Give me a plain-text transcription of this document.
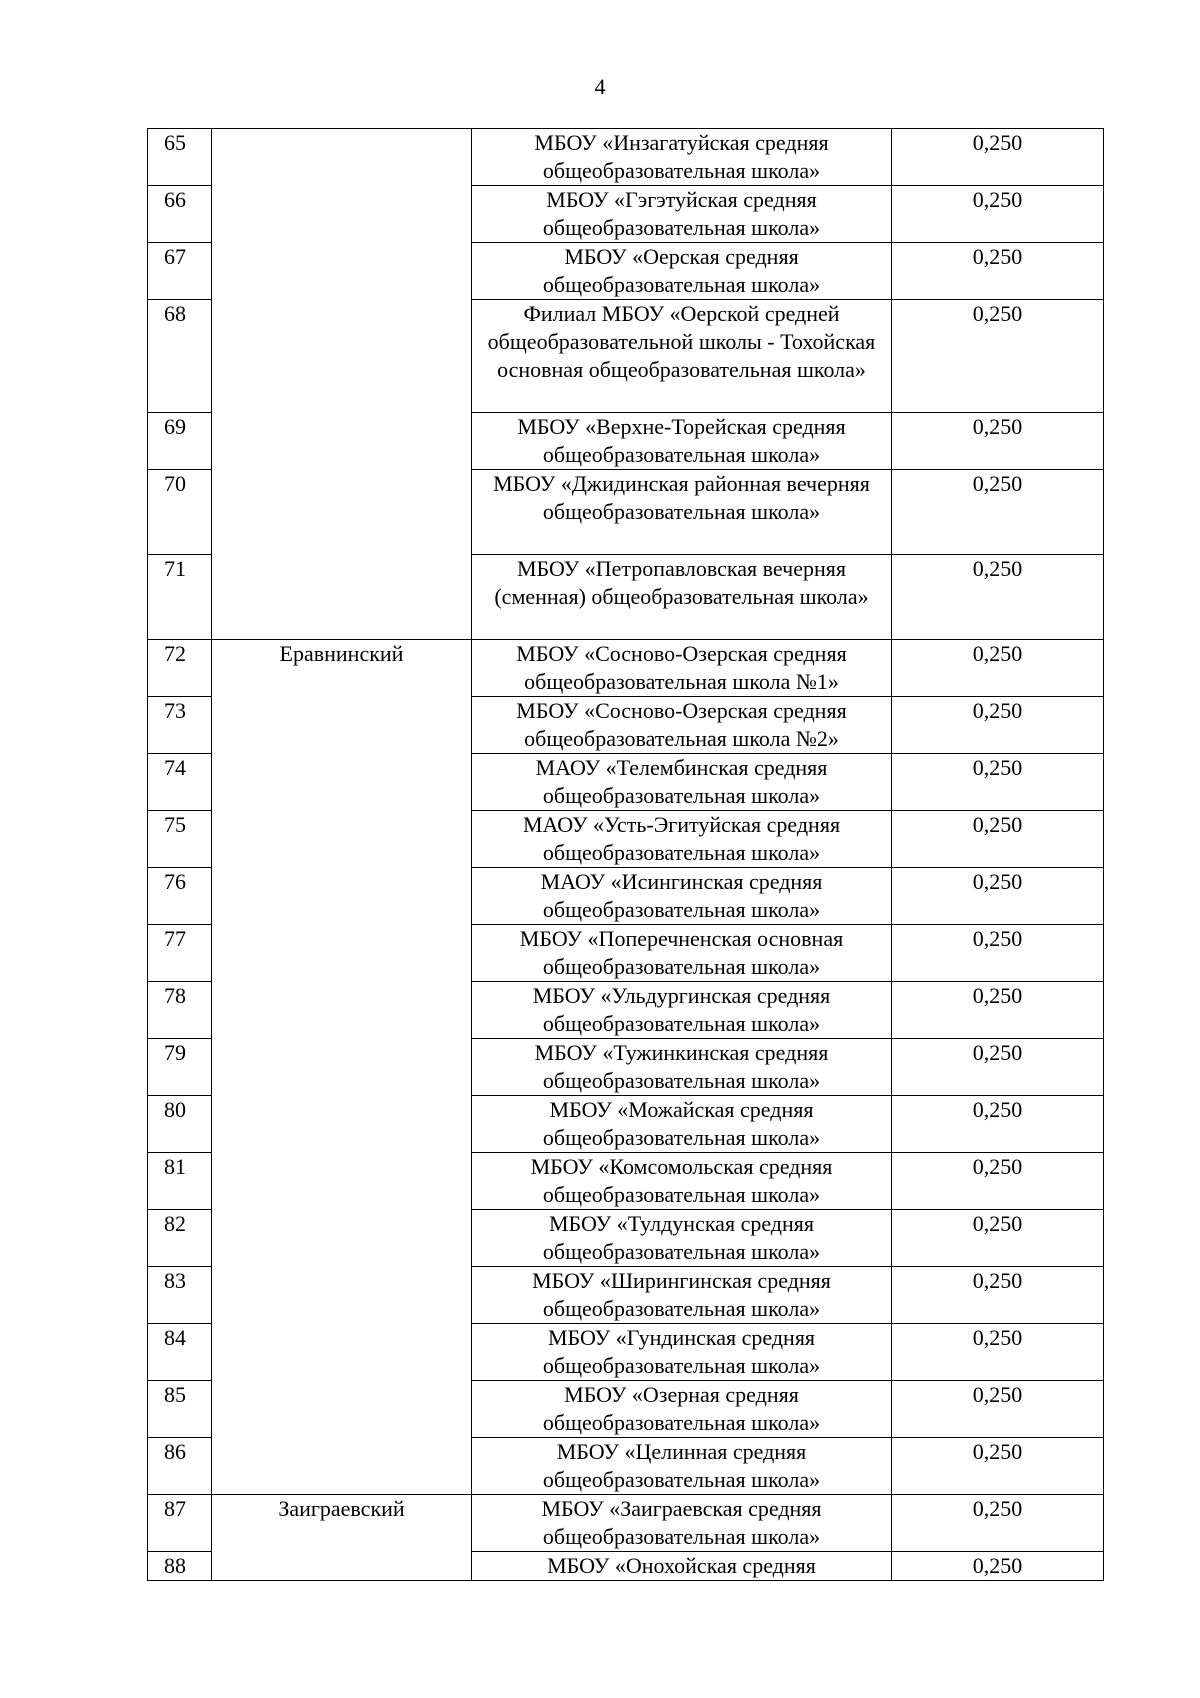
4
65		МБОУ «Инзагатуйская средняя общеобразовательная школа»	0,250
66		МБОУ «Гэгэтуйская средняя общеобразовательная школа»	0,250
67		МБОУ «Оерская средняя общеобразовательная школа»	0,250
68		Филиал МБОУ «Оерской средней общеобразовательной школы - Тохойская основная общеобразовательная школа»	0,250
69		МБОУ «Верхне-Торейская средняя общеобразовательная школа»	0,250
70		МБОУ «Джидинская районная вечерняя общеобразовательная школа»	0,250
71		МБОУ «Петропавловская вечерняя (сменная) общеобразовательная школа»	0,250
72	Еравнинский	МБОУ «Сосново-Озерская средняя общеобразовательная школа №1»	0,250
73		МБОУ «Сосново-Озерская средняя общеобразовательная школа №2»	0,250
74		МАОУ «Телембинская средняя общеобразовательная школа»	0,250
75		МАОУ «Усть-Эгитуйская средняя общеобразовательная школа»	0,250
76		МАОУ «Исингинская средняя общеобразовательная школа»	0,250
77		МБОУ «Поперечненская основная общеобразовательная школа»	0,250
78		МБОУ «Ульдургинская средняя общеобразовательная школа»	0,250
79		МБОУ «Тужинкинская средняя общеобразовательная школа»	0,250
80		МБОУ «Можайская средняя общеобразовательная школа»	0,250
81		МБОУ «Комсомольская средняя общеобразовательная школа»	0,250
82		МБОУ «Тулдунская средняя общеобразовательная школа»	0,250
83		МБОУ «Ширингинская средняя общеобразовательная школа»	0,250
84		МБОУ «Гундинская средняя общеобразовательная школа»	0,250
85		МБОУ «Озерная средняя общеобразовательная школа»	0,250
86		МБОУ «Целинная средняя общеобразовательная школа»	0,250
87	Заиграевский	МБОУ «Заиграевская средняя общеобразовательная школа»	0,250
88		МБОУ «Онохойская средняя	0,250
